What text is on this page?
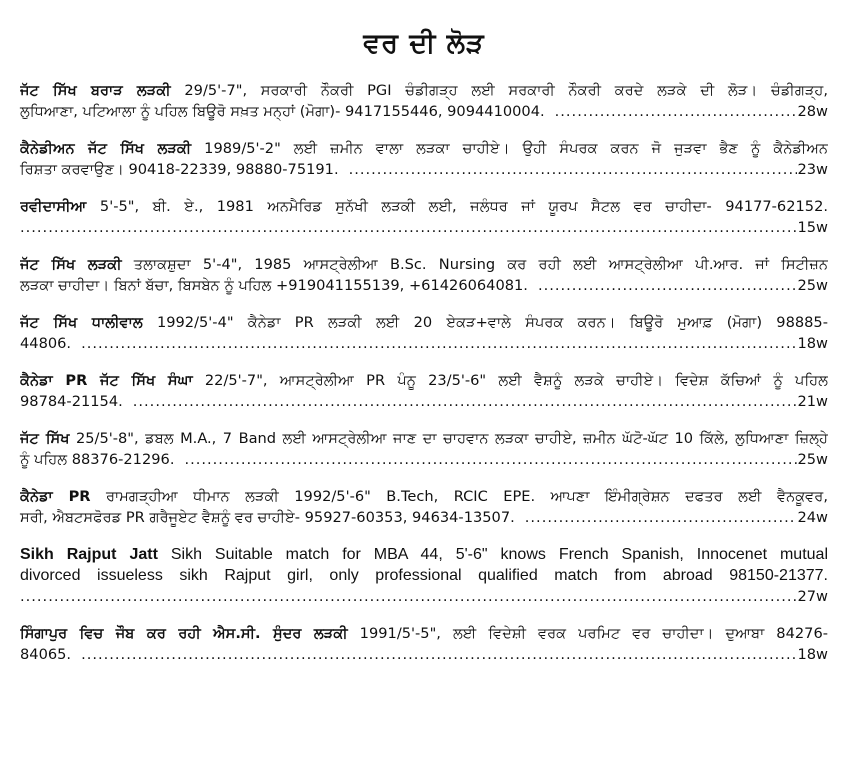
ਵਰ ਦੀ ਲੋੜ
ਜੱਟ ਸਿੱਖ ਬਰਾੜ ਲੜਕੀ 29/5'-7", ਸਰਕਾਰੀ ਨੌਕਰੀ PGI ਚੰਡੀਗੜ੍ਹ ਲਈ ਸਰਕਾਰੀ ਨੌਕਰੀ ਕਰਦੇ ਲੜਕੇ ਦੀ ਲੋੜ। ਚੰਡੀਗੜ੍ਹ,
ਲੁਧਿਆਣਾ, ਪਟਿਆਲਾ ਨੂੰ ਪਹਿਲ ਬਿਊਰੋ ਸਖ਼ਤ ਮਨ੍ਹਾਂ (ਮੋਗਾ)- 9417155446, 9094410004. .....	28w
ਕੈਨੇਡੀਅਨ ਜੱਟ ਸਿੱਖ ਲੜਕੀ 1989/5'-2" ਲਈ ਜ਼ਮੀਨ ਵਾਲਾ ਲੜਕਾ ਚਾਹੀਏ। ਉਹੀ ਸੰਪਰਕ ਕਰਨ ਜੋ ਜੁੜਵਾ ਭੈਣ ਨੂੰ ਕੈਨੇਡੀਅਨ
ਰਿਸ਼ਤਾ ਕਰਵਾਉਣ। 90418-22339, 98880-75191. .....	23w
ਰਵੀਦਾਸੀਆ 5'-5", ਬੀ. ਏ., 1981 ਅਨਮੈਰਿਡ ਸੁਨੱਖੀ ਲੜਕੀ ਲਈ, ਜਲੰਧਰ ਜਾਂ ਯੂਰਪ ਸੈਟਲ ਵਰ ਚਾਹੀਦਾ- 94177-62152.
.....
15w
ਜੱਟ ਸਿੱਖ ਲੜਕੀ ਤਲਾਕਸ਼ੁਦਾ 5'-4", 1985 ਆਸਟ੍ਰੇਲੀਆ B.Sc. Nursing ਕਰ ਰਹੀ ਲਈ ਆਸਟ੍ਰੇਲੀਆ ਪੀ.ਆਰ. ਜਾਂ ਸਿਟੀਜ਼ਨ
ਲੜਕਾ ਚਾਹੀਦਾ। ਬਿਨਾਂ ਬੱਚਾ, ਬਿਸਬੇਨ ਨੂੰ ਪਹਿਲ +919041155139, +61426064081. .....	25w
ਜੱਟ ਸਿੱਖ ਧਾਲੀਵਾਲ 1992/5'-4" ਕੈਨੇਡਾ PR ਲੜਕੀ ਲਈ 20 ਏਕੜ+ਵਾਲੇ ਸੰਪਰਕ ਕਰਨ। ਬਿਊਰੋ ਮੁਆਫ਼ (ਮੋਗਾ) 98885-
44806. .....	18w
ਕੈਨੇਡਾ PR ਜੱਟ ਸਿੱਖ ਸੰਘਾ 22/5'-7", ਆਸਟ੍ਰੇਲੀਆ PR ਪੰਨੂ 23/5'-6" ਲਈ ਵੈਸ਼ਨੂੰ ਲੜਕੇ ਚਾਹੀਏ। ਵਿਦੇਸ਼ ਕੱਚਿਆਂ ਨੂੰ ਪਹਿਲ
98784-21154. .....	21w
ਜੱਟ ਸਿੱਖ 25/5'-8", ਡਬਲ M.A., 7 Band ਲਈ ਆਸਟ੍ਰੇਲੀਆ ਜਾਣ ਦਾ ਚਾਹਵਾਨ ਲੜਕਾ ਚਾਹੀਏ, ਜ਼ਮੀਨ ਘੱਟੋ-ਘੱਟ 10 ਕਿੱਲੇ, ਲੁਧਿਆਣਾ ਜ਼ਿਲ੍ਹੇ
ਨੂੰ ਪਹਿਲ 88376-21296. .....	25w
ਕੈਨੇਡਾ PR ਰਾਮਗੜ੍ਹੀਆ ਧੀਮਾਨ ਲੜਕੀ 1992/5'-6" B.Tech, RCIC EPE. ਆਪਣਾ ਇੰਮੀਗ੍ਰੇਸ਼ਨ ਦਫਤਰ ਲਈ ਵੈਨਕੂਵਰ,
ਸਰੀ, ਐਬਟਸਫੋਰਡ PR ਗਰੈਜੂਏਟ ਵੈਸ਼ਨੂੰ ਵਰ ਚਾਹੀਏ- 95927-60353, 94634-13507. .....	24w
Sikh Rajput Jatt Sikh Suitable match for MBA 44, 5'-6" knows French Spanish, Innocenet mutual
divorced issueless sikh Rajput girl, only professional qualified match from abroad 98150-21377.
.....
27w
ਸਿੰਗਾਪੁਰ ਵਿਚ ਜੌਬ ਕਰ ਰਹੀ ਐਸ.ਸੀ. ਸੁੰਦਰ ਲੜਕੀ 1991/5'-5", ਲਈ ਵਿਦੇਸ਼ੀ ਵਰਕ ਪਰਮਿਟ ਵਰ ਚਾਹੀਦਾ। ਦੁਆਬਾ 84276-
84065. .....	18w
